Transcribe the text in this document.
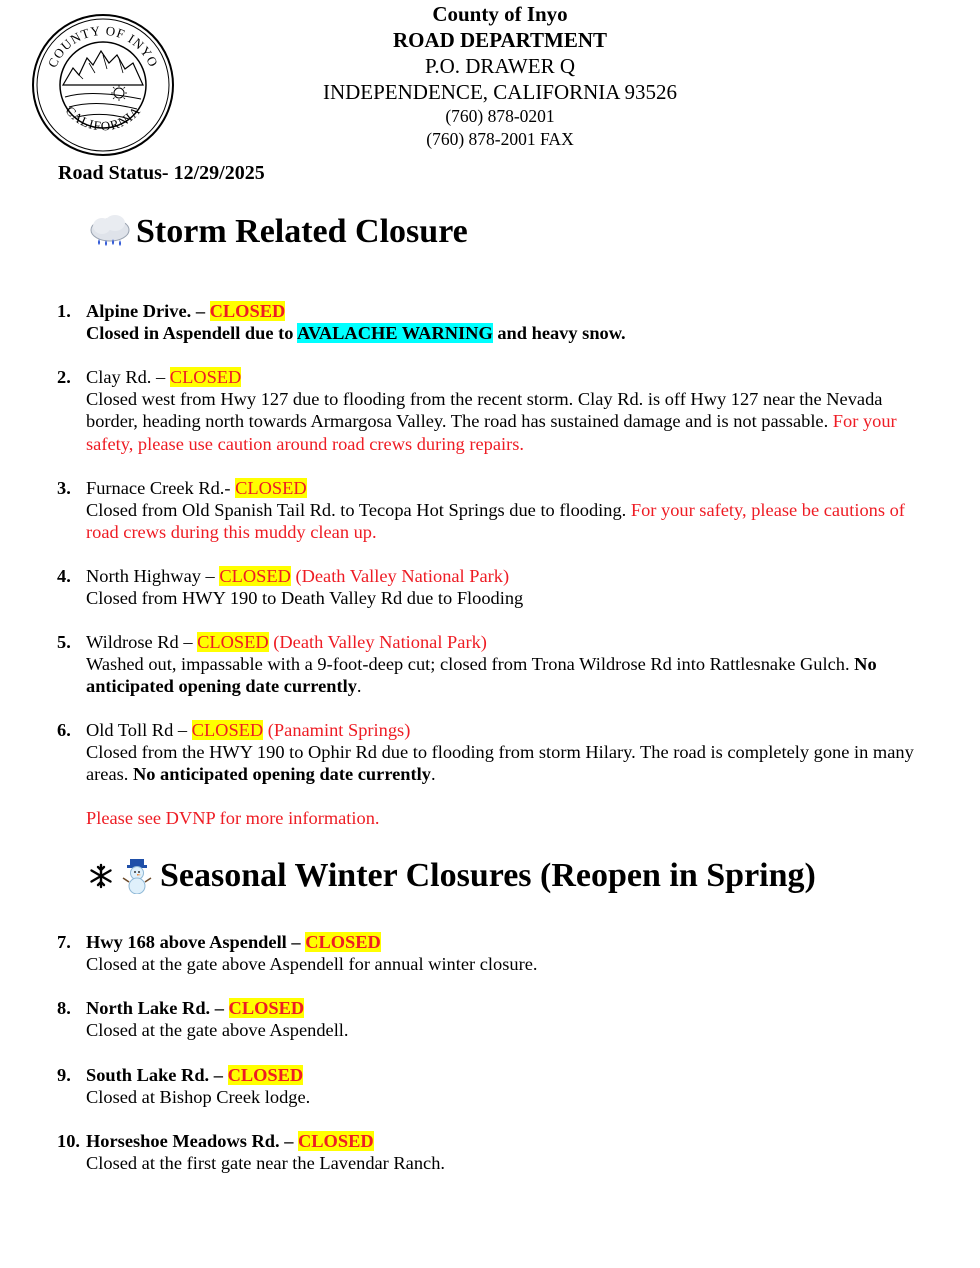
COUNTY OF INYO
CALIFORNIA
County of Inyo
ROAD DEPARTMENT
P.O. DRAWER Q
INDEPENDENCE, CALIFORNIA 93526
(760) 878-0201
(760) 878-2001 FAX
Road Status- 12/29/2025
Storm Related Closure
1. Alpine Drive. – CLOSED
Closed in Aspendell due to AVALACHE WARNING and heavy snow.
2. Clay Rd. – CLOSED
Closed west from Hwy 127 due to flooding from the recent storm. Clay Rd. is off Hwy 127 near the Nevada border, heading north towards Armargosa Valley. The road has sustained damage and is not passable. For your safety, please use caution around road crews during repairs.
3. Furnace Creek Rd.- CLOSED
Closed from Old Spanish Tail Rd. to Tecopa Hot Springs due to flooding. For your safety, please be cautions of road crews during this muddy clean up.
4. North Highway – CLOSED (Death Valley National Park)
Closed from HWY 190 to Death Valley Rd due to Flooding
5. Wildrose Rd – CLOSED (Death Valley National Park)
Washed out, impassable with a 9-foot-deep cut; closed from Trona Wildrose Rd into Rattlesnake Gulch. No anticipated opening date currently.
6. Old Toll Rd – CLOSED (Panamint Springs)
Closed from the HWY 190 to Ophir Rd due to flooding from storm Hilary. The road is completely gone in many areas. No anticipated opening date currently.
Please see DVNP for more information.
Seasonal Winter Closures (Reopen in Spring)
7. Hwy 168 above Aspendell – CLOSED
Closed at the gate above Aspendell for annual winter closure.
8. North Lake Rd. – CLOSED
Closed at the gate above Aspendell.
9. South Lake Rd. – CLOSED
Closed at Bishop Creek lodge.
10. Horseshoe Meadows Rd. – CLOSED
Closed at the first gate near the Lavendar Ranch.
